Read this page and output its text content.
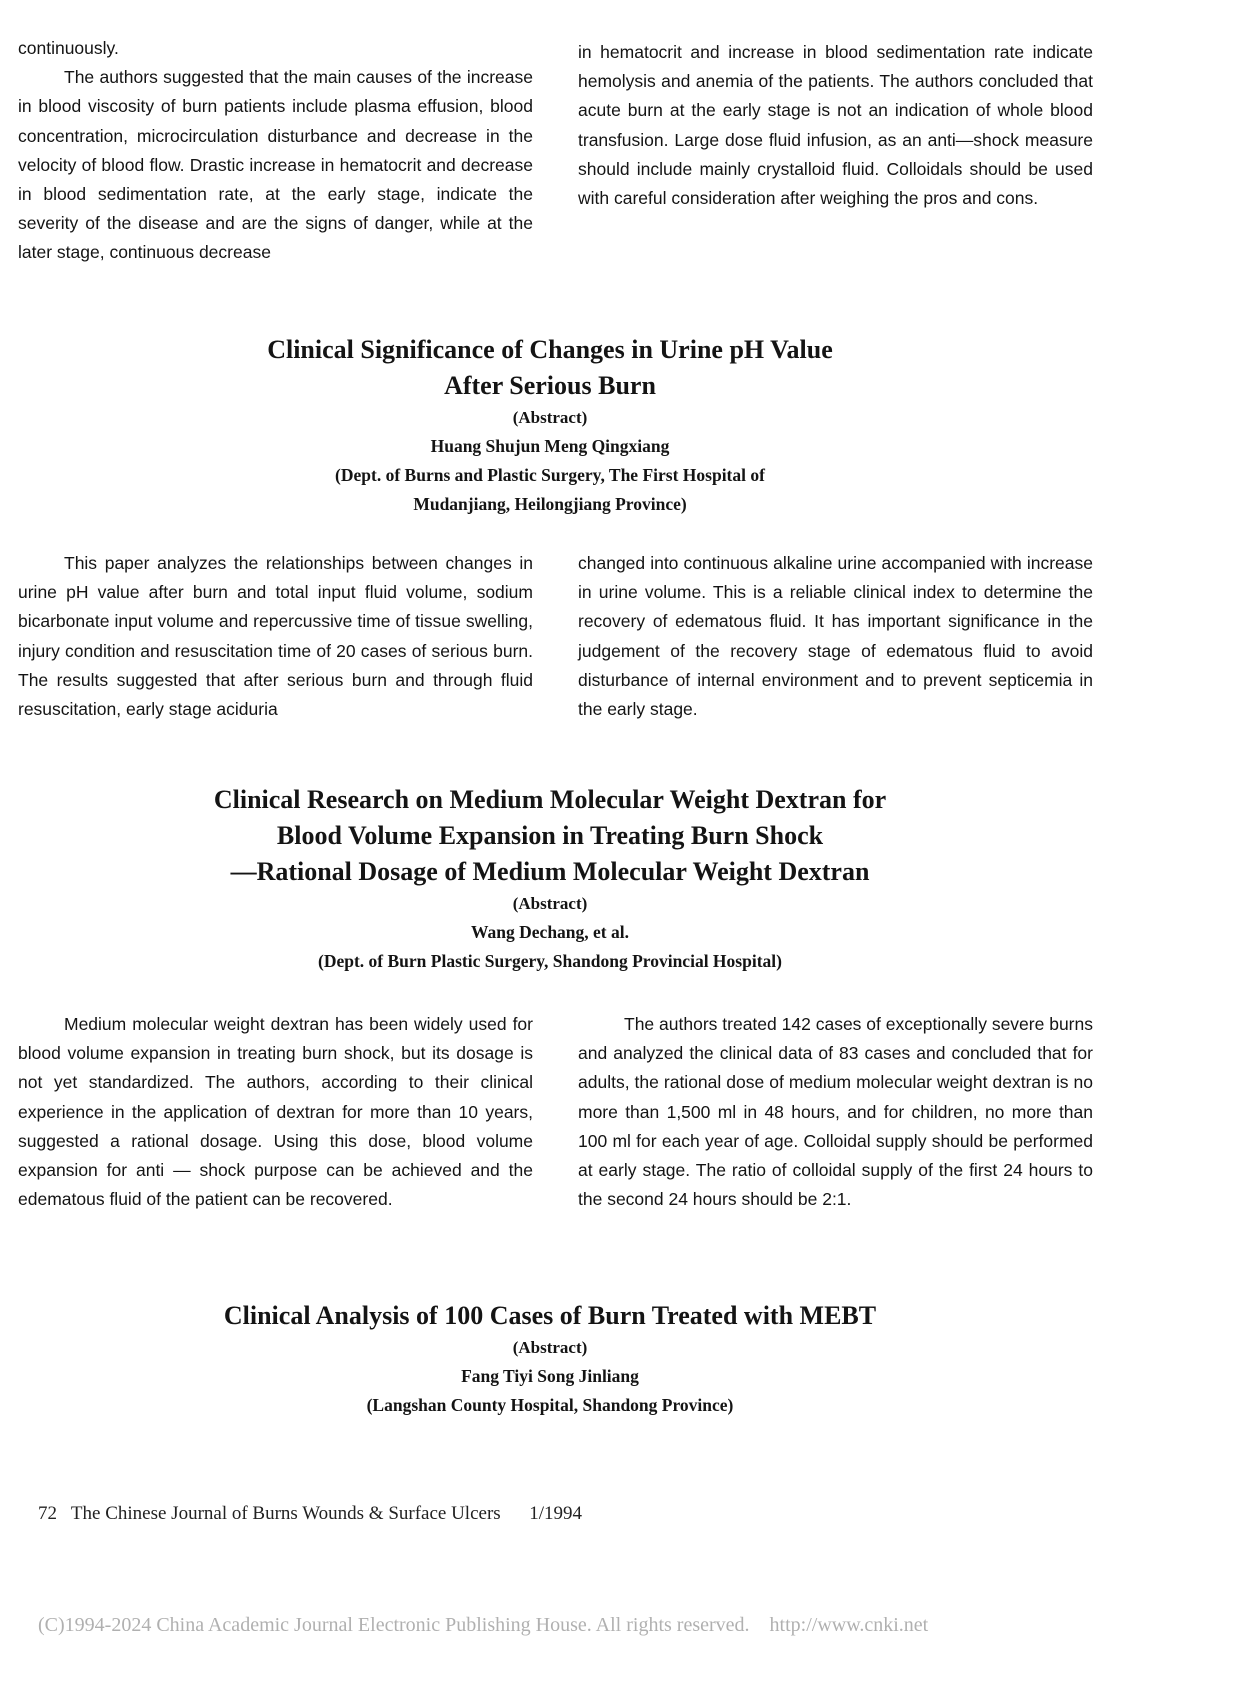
continuously.

The authors suggested that the main causes of the increase in blood viscosity of burn patients include plasma effusion, blood concentration, microcirculation disturbance and decrease in the velocity of blood flow. Drastic increase in hematocrit and decrease in blood sedimentation rate, at the early stage, indicate the severity of the disease and are the signs of danger, while at the later stage, continuous decrease

in hematocrit and increase in blood sedimentation rate indicate hemolysis and anemia of the patients. The authors concluded that acute burn at the early stage is not an indication of whole blood transfusion. Large dose fluid infusion, as an anti—shock measure should include mainly crystalloid fluid. Colloidals should be used with careful consideration after weighing the pros and cons.

Clinical Significance of Changes in Urine pH Value
After Serious Burn
(Abstract)
Huang Shujun Meng Qingxiang
(Dept. of Burns and Plastic Surgery, The First Hospital of
Mudanjiang, Heilongjiang Province)

This paper analyzes the relationships between changes in urine pH value after burn and total input fluid volume, sodium bicarbonate input volume and repercussive time of tissue swelling, injury condition and resuscitation time of 20 cases of serious burn. The results suggested that after serious burn and through fluid resuscitation, early stage aciduria

changed into continuous alkaline urine accompanied with increase in urine volume. This is a reliable clinical index to determine the recovery of edematous fluid. It has important significance in the judgement of the recovery stage of edematous fluid to avoid disturbance of internal environment and to prevent septicemia in the early stage.

Clinical Research on Medium Molecular Weight Dextran for
Blood Volume Expansion in Treating Burn Shock
—Rational Dosage of Medium Molecular Weight Dextran
(Abstract)
Wang Dechang, et al.
(Dept. of Burn Plastic Surgery, Shandong Provincial Hospital)

Medium molecular weight dextran has been widely used for blood volume expansion in treating burn shock, but its dosage is not yet standardized. The authors, according to their clinical experience in the application of dextran for more than 10 years, suggested a rational dosage. Using this dose, blood volume expansion for anti — shock purpose can be achieved and the edematous fluid of the patient can be recovered.

The authors treated 142 cases of exceptionally severe burns and analyzed the clinical data of 83 cases and concluded that for adults, the rational dose of medium molecular weight dextran is no more than 1,500 ml in 48 hours, and for children, no more than 100 ml for each year of age. Colloidal supply should be performed at early stage. The ratio of colloidal supply of the first 24 hours to the second 24 hours should be 2:1.

Clinical Analysis of 100 Cases of Burn Treated with MEBT
(Abstract)
Fang Tiyi Song Jinliang
(Langshan County Hospital, Shandong Province)
72 The Chinese Journal of Burns Wounds & Surface Ulcers 1/1994
(C)1994-2024 China Academic Journal Electronic Publishing House. All rights reserved. http://www.cnki.net
